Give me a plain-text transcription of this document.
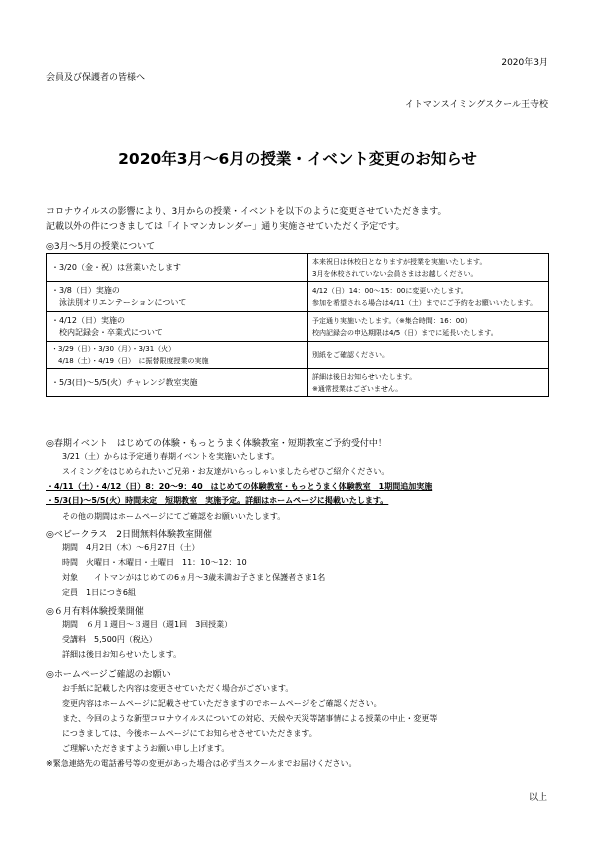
2020年3月
会員及び保護者の皆様へ
イトマンスイミングスクール王寺校
2020年3月～6月の授業・イベント変更のお知らせ
コロナウイルスの影響により、3月からの授業・イベントを以下のように変更させていただきます。
記載以外の件につきましては「イトマンカレンダー」通り実施させていただく予定です。
◎3月～5月の授業について
・3/20（金・祝）は営業いたします	本来祝日は休校日となりますが授業を実施いたします。
3月を休校されていない会員さまはお越しください。

・3/8（日）実施の
　泳法別オリエンテーションについて	4/12（日）14：00～15：00に変更いたします。
参加を希望される場合は4/11（土）までにご予約をお願いいたします。

・4/12（日）実施の
　校内記録会・卒業式について	予定通り実施いたします。（※集合時間：16：00）
校内記録会の申込期限は4/5（日）までに延長いたします。

・3/29（日）・3/30（月）・3/31（火）
　4/18（土）・4/19（日）　に振替限度授業の実施	別紙をご確認ください。

・5/3(日)～5/5(火）チャレンジ教室実施	詳細は後日お知らせいたします。
※通常授業はございません。
◎春期イベント　はじめての体験・もっとうまく体験教室・短期教室ご予約受付中！
3/21（土）からは予定通り春期イベントを実施いたします。
スイミングをはじめられたいご兄弟・お友達がいらっしゃいましたらぜひご紹介ください。
・4/11（土）・4/12（日）8：20～9：40　はじめての体験教室・もっとうまく体験教室　1期間追加実施
・5/3(日)～5/5(火）時間未定　短期教室　実施予定。詳細はホームページに掲載いたします。
その他の期間はホームページにてご確認をお願いいたします。
◎ベビークラス　2日間無料体験教室開催
期間　4月2日（木）～6月27日（土）
時間　火曜日・木曜日・土曜日　11：10～12：10
対象　　イトマンがはじめての6ヵ月～3歳未満お子さまと保護者さま1名
定員　1日につき6組
◎６月有料体験授業開催
期間　６月１週目～３週目（週1回　3回授業）
受講料　5,500円（税込）
詳細は後日お知らせいたします。
◎ホームページご確認のお願い
お手紙に記載した内容は変更させていただく場合がございます。
変更内容はホームページに記載させていただきますのでホームページをご確認ください。
また、今回のような新型コロナウイルスについての対応、天候や天災等諸事情による授業の中止・変更等
につきましては、今後ホームページにてお知らせさせていただきます。
ご理解いただきますようお願い申し上げます。
※緊急連絡先の電話番号等の変更があった場合は必ず当スクールまでお届けください。
以上
